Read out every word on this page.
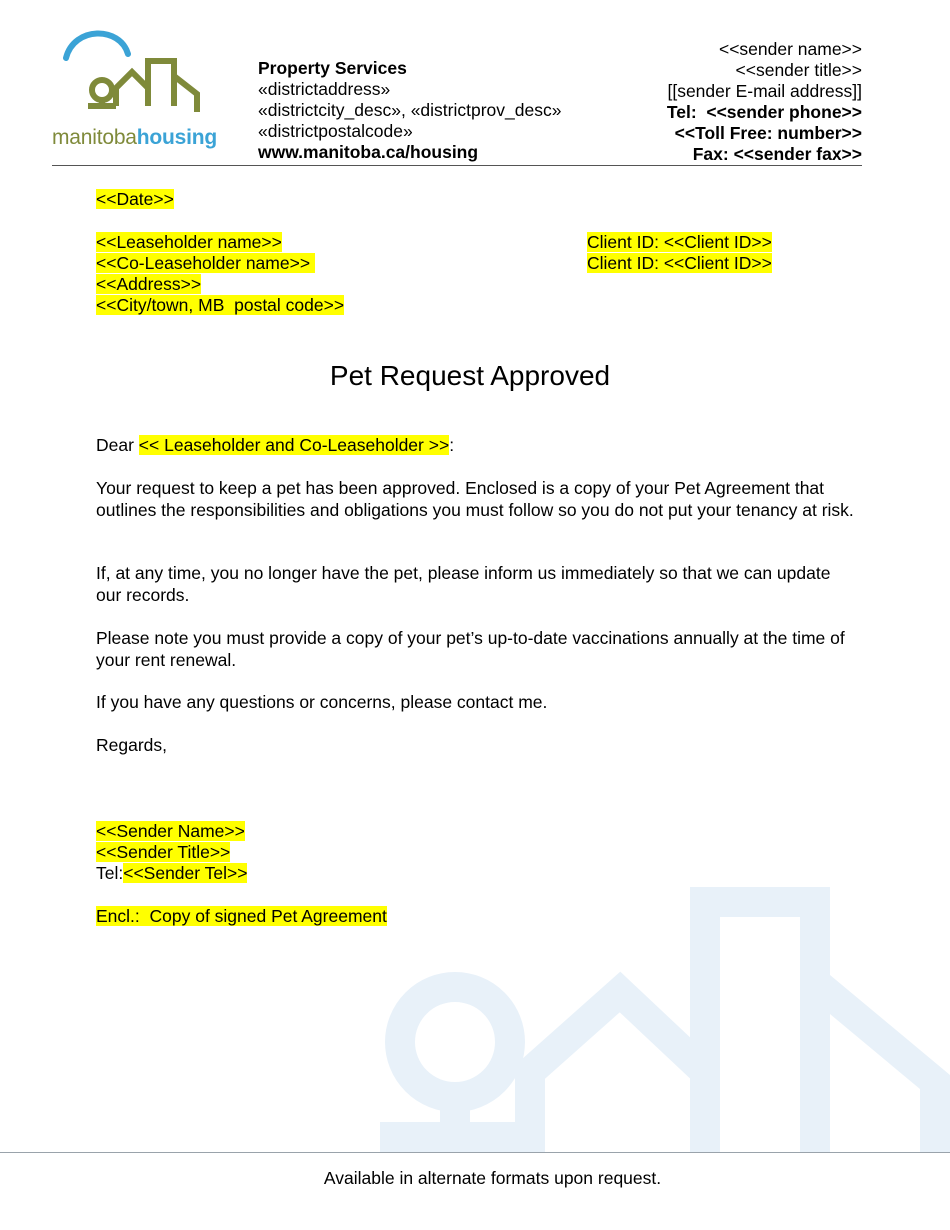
manitobahousing
Property Services
«districtaddress»
«districtcity_desc», «districtprov_desc»
«districtpostalcode»
www.manitoba.ca/housing
<<sender name>>
<<sender title>>
[[sender E-mail address]]
Tel:  <<sender phone>>
<<Toll Free: number>>
Fax: <<sender fax>>
<<Date>>
<<Leaseholder name>>
<<Co-Leaseholder name>>
<<Address>>
<<City/town, MB  postal code>>
Client ID: <<Client ID>>
Client ID: <<Client ID>>
Pet Request Approved
Dear << Leaseholder and Co-Leaseholder >>:
Your request to keep a pet has been approved. Enclosed is a copy of your Pet Agreement that outlines the responsibilities and obligations you must follow so you do not put your tenancy at risk.
If, at any time, you no longer have the pet, please inform us immediately so that we can update our records.
Please note you must provide a copy of your pet’s up-to-date vaccinations annually at the time of your rent renewal.
If you have any questions or concerns, please contact me.
Regards,
<<Sender Name>>
<<Sender Title>>
Tel:<<Sender Tel>>
Encl.:  Copy of signed Pet Agreement
Available in alternate formats upon request.
